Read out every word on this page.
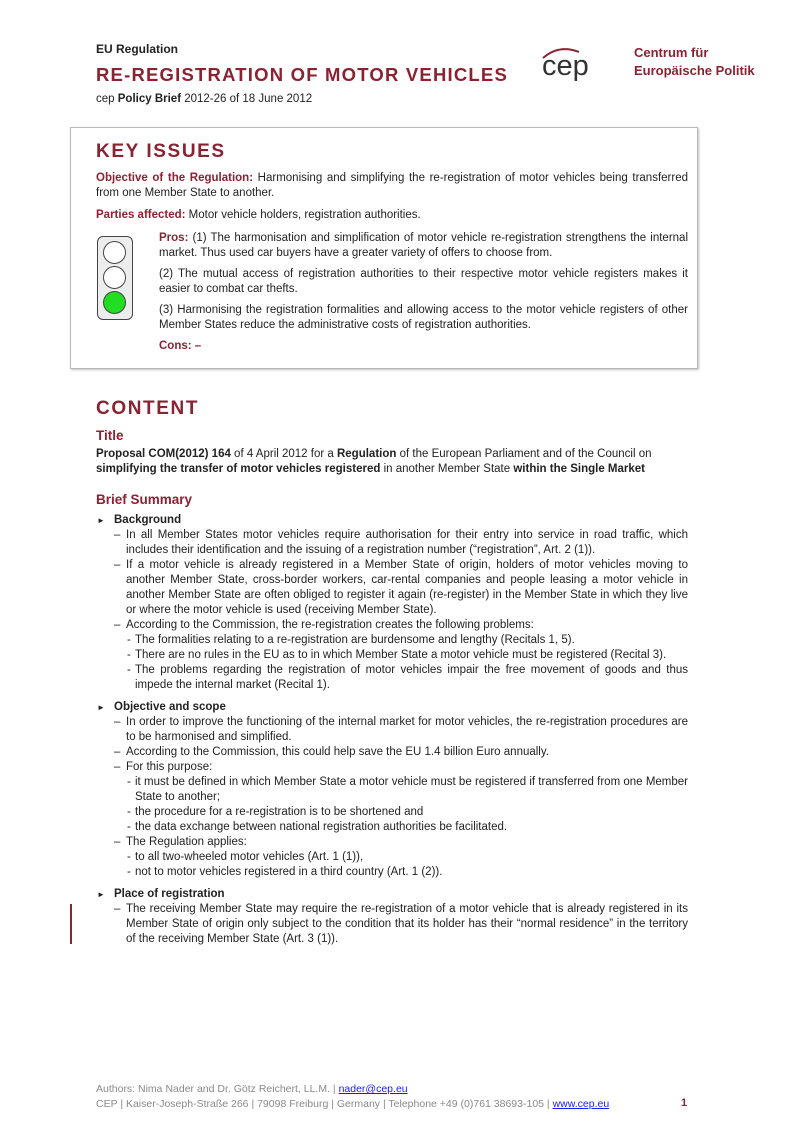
EU Regulation
RE-REGISTRATION OF MOTOR VEHICLES
cep Policy Brief 2012-26 of 18 June 2012
cep	Centrum für
Europäische Politik
KEY ISSUES
Objective of the Regulation: Harmonising and simplifying the re-registration of motor vehicles being transferred from one Member State to another.
Parties affected: Motor vehicle holders, registration authorities.

Pros: (1) The harmonisation and simplification of motor vehicle re-registration strengthens the internal market. Thus used car buyers have a greater variety of offers to choose from.

(2) The mutual access of registration authorities to their respective motor vehicle registers makes it easier to combat car thefts.

(3) Harmonising the registration formalities and allowing access to the motor vehicle registers of other Member States reduce the administrative costs of registration authorities.

Cons: –

CONTENT
Title
Proposal COM(2012) 164 of 4 April 2012 for a Regulation of the European Parliament and of the Council on simplifying the transfer of motor vehicles registered in another Member State within the Single Market
Brief Summary
► Background
– In all Member States motor vehicles require authorisation for their entry into service in road traffic, which includes their identification and the issuing of a registration number (“registration”, Art. 2 (1)).
– If a motor vehicle is already registered in a Member State of origin, holders of motor vehicles moving to another Member State, cross-border workers, car-rental companies and people leasing a motor vehicle in another Member State are often obliged to register it again (re-register) in the Member State in which they live or where the motor vehicle is used (receiving Member State).
– According to the Commission, the re-registration creates the following problems:
- The formalities relating to a re-registration are burdensome and lengthy (Recitals 1, 5).
- There are no rules in the EU as to in which Member State a motor vehicle must be registered (Recital 3).
- The problems regarding the registration of motor vehicles impair the free movement of goods and thus impede the internal market (Recital 1).
► Objective and scope
– In order to improve the functioning of the internal market for motor vehicles, the re-registration procedures are to be harmonised and simplified.
– According to the Commission, this could help save the EU 1.4 billion Euro annually.
– For this purpose:
- it must be defined in which Member State a motor vehicle must be registered if transferred from one Member State to another;
- the procedure for a re-registration is to be shortened and
- the data exchange between national registration authorities be facilitated.
– The Regulation applies:
- to all two-wheeled motor vehicles (Art. 1 (1)),
- not to motor vehicles registered in a third country (Art. 1 (2)).
► Place of registration
– The receiving Member State may require the re-registration of a motor vehicle that is already registered in its Member State of origin only subject to the condition that its holder has their “normal residence” in the territory of the receiving Member State (Art. 3 (1)).
Authors: Nima Nader and Dr. Götz Reichert, LL.M. | nader@cep.eu
CEP | Kaiser-Joseph-Straße 266 | 79098 Freiburg | Germany | Telephone +49 (0)761 38693-105 | www.cep.eu	1
